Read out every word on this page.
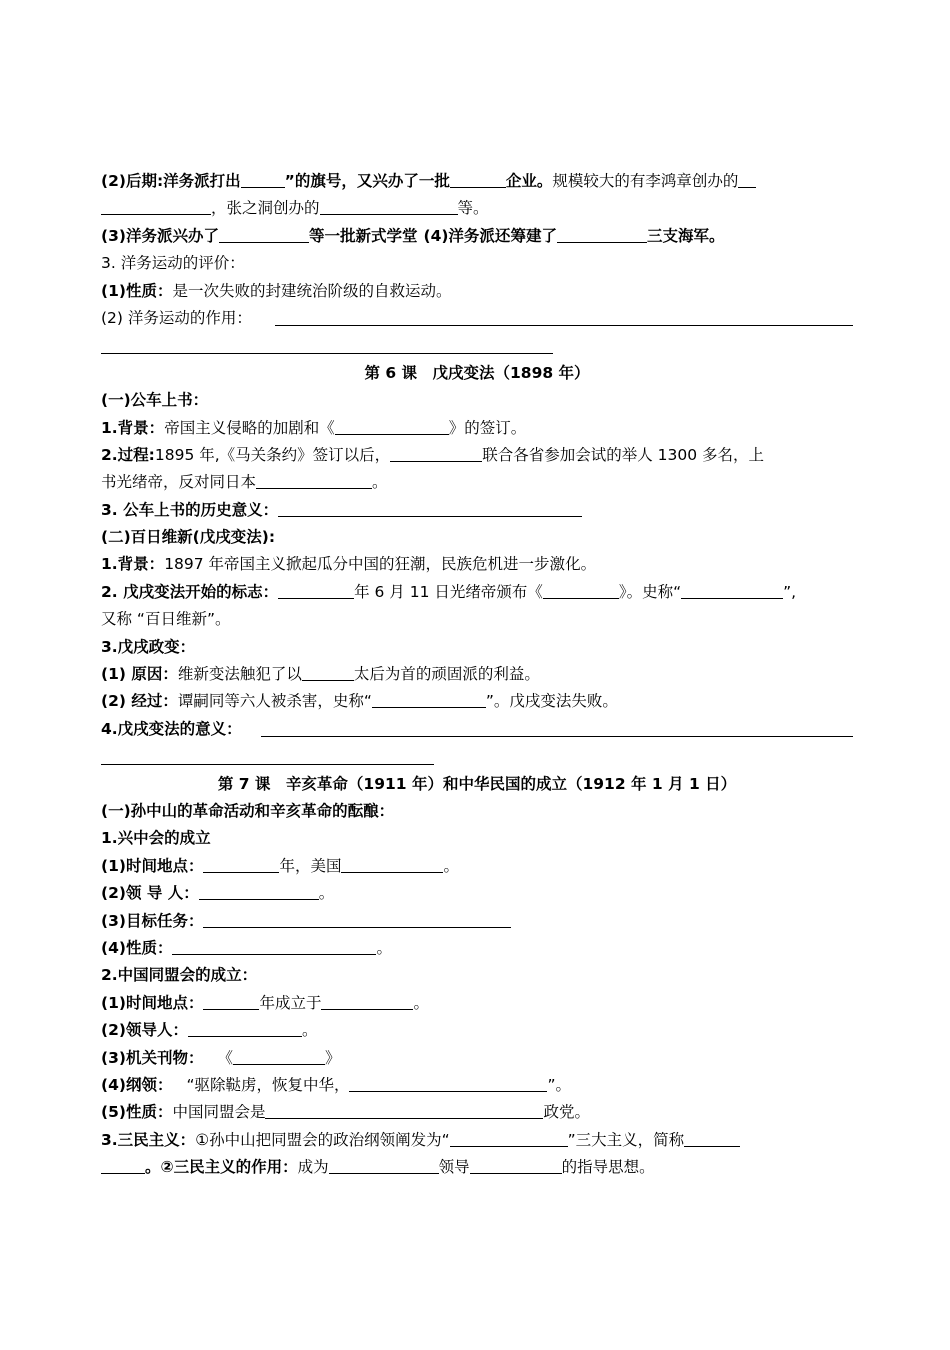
(2)后期:洋务派打出	”的旗号，又兴办了一批	企业。规模较大的有李鸿章创办的
，张之洞创办的	等。
(3)洋务派兴办了	等一批新式学堂 (4)洋务派还筹建了	三支海军。
3. 洋务运动的评价：
(1)性质：是一次失败的封建统治阶级的自救运动。
(2) 洋务运动的作用：
第 6 课　戊戌变法（1898 年）
(一)公车上书：
1.背景：帝国主义侵略的加剧和《	》的签订。
2.过程:1895 年,《马关条约》签订以后，	联合各省参加会试的举人 1300 多名，上
书光绪帝，反对同日本	。
3. 公车上书的历史意义：
(二)百日维新(戊戌变法):
1.背景：1897 年帝国主义掀起瓜分中国的狂潮，民族危机进一步激化。
2. 戊戌变法开始的标志：	年 6 月 11 日光绪帝颁布《	》。史称“	”,
又称 “百日维新”。
3.戊戌政变：
(1) 原因：维新变法触犯了以	太后为首的顽固派的利益。
(2) 经过：谭嗣同等六人被杀害，史称“	”。戊戌变法失败。
4.戊戌变法的意义：
第 7 课　辛亥革命（1911 年）和中华民国的成立（1912 年 1 月 1 日）
(一)孙中山的革命活动和辛亥革命的酝酿：
1.兴中会的成立
(1)时间地点：	年，美国	。
(2)领 导 人：	。
(3)目标任务：
(4)性质：	。
2.中国同盟会的成立：
(1)时间地点：	年成立于	。
(2)领导人：	。
(3)机关刊物： 《	》
(4)纲领： “驱除鞑虏，恢复中华，	”。
(5)性质：中国同盟会是	政党。
3.三民主义：①孙中山把同盟会的政治纲领阐发为“	”三大主义，简称
。②三民主义的作用：成为	领导	的指导思想。
